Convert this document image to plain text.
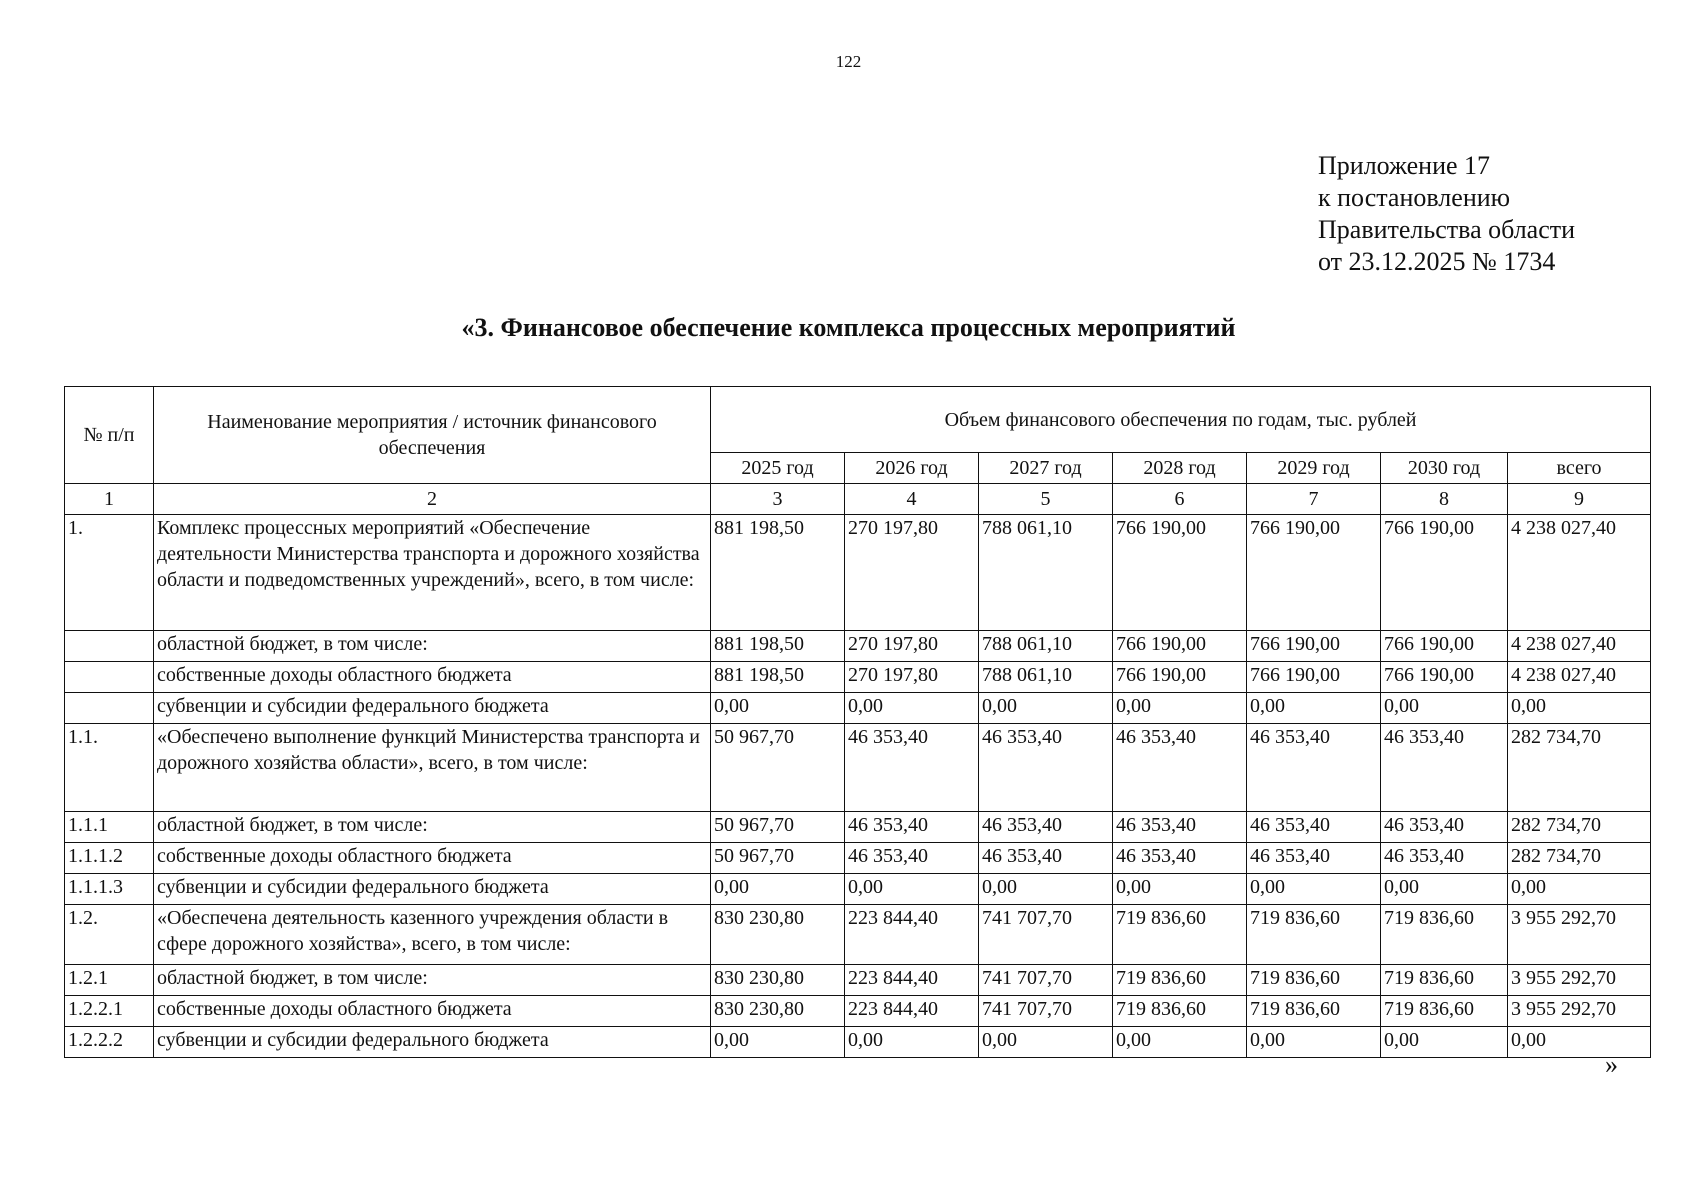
122
Приложение 17
к постановлению
Правительства области
от 23.12.2025 № 1734
«3. Финансовое обеспечение комплекса процессных мероприятий
№ п/п	Наименование мероприятия / источник финансового обеспечения	Объем финансового обеспечения по годам, тыс. рублей						
		2025 год	2026 год	2027 год	2028 год	2029 год	2030 год	всего
1	2	3	4	5	6	7	8	9
1.	Комплекс процессных мероприятий «Обеспечение деятельности Министерства транспорта и дорожного хозяйства области и подведомственных учреждений», всего, в том числе:	881 198,50	270 197,80	788 061,10	766 190,00	766 190,00	766 190,00	4 238 027,40
	областной бюджет, в том числе:	881 198,50	270 197,80	788 061,10	766 190,00	766 190,00	766 190,00	4 238 027,40
	собственные доходы областного бюджета	881 198,50	270 197,80	788 061,10	766 190,00	766 190,00	766 190,00	4 238 027,40
	субвенции и субсидии федерального бюджета	0,00	0,00	0,00	0,00	0,00	0,00	0,00
1.1.	«Обеспечено выполнение функций Министерства транспорта и дорожного хозяйства области», всего, в том числе:	50 967,70	46 353,40	46 353,40	46 353,40	46 353,40	46 353,40	282 734,70
1.1.1	областной бюджет, в том числе:	50 967,70	46 353,40	46 353,40	46 353,40	46 353,40	46 353,40	282 734,70
1.1.1.2	собственные доходы областного бюджета	50 967,70	46 353,40	46 353,40	46 353,40	46 353,40	46 353,40	282 734,70
1.1.1.3	субвенции и субсидии федерального бюджета	0,00	0,00	0,00	0,00	0,00	0,00	0,00
1.2.	«Обеспечена деятельность казенного учреждения области в сфере дорожного хозяйства», всего, в том числе:	830 230,80	223 844,40	741 707,70	719 836,60	719 836,60	719 836,60	3 955 292,70
1.2.1	областной бюджет, в том числе:	830 230,80	223 844,40	741 707,70	719 836,60	719 836,60	719 836,60	3 955 292,70
1.2.2.1	собственные доходы областного бюджета	830 230,80	223 844,40	741 707,70	719 836,60	719 836,60	719 836,60	3 955 292,70
1.2.2.2	субвенции и субсидии федерального бюджета	0,00	0,00	0,00	0,00	0,00	0,00	0,00
»
